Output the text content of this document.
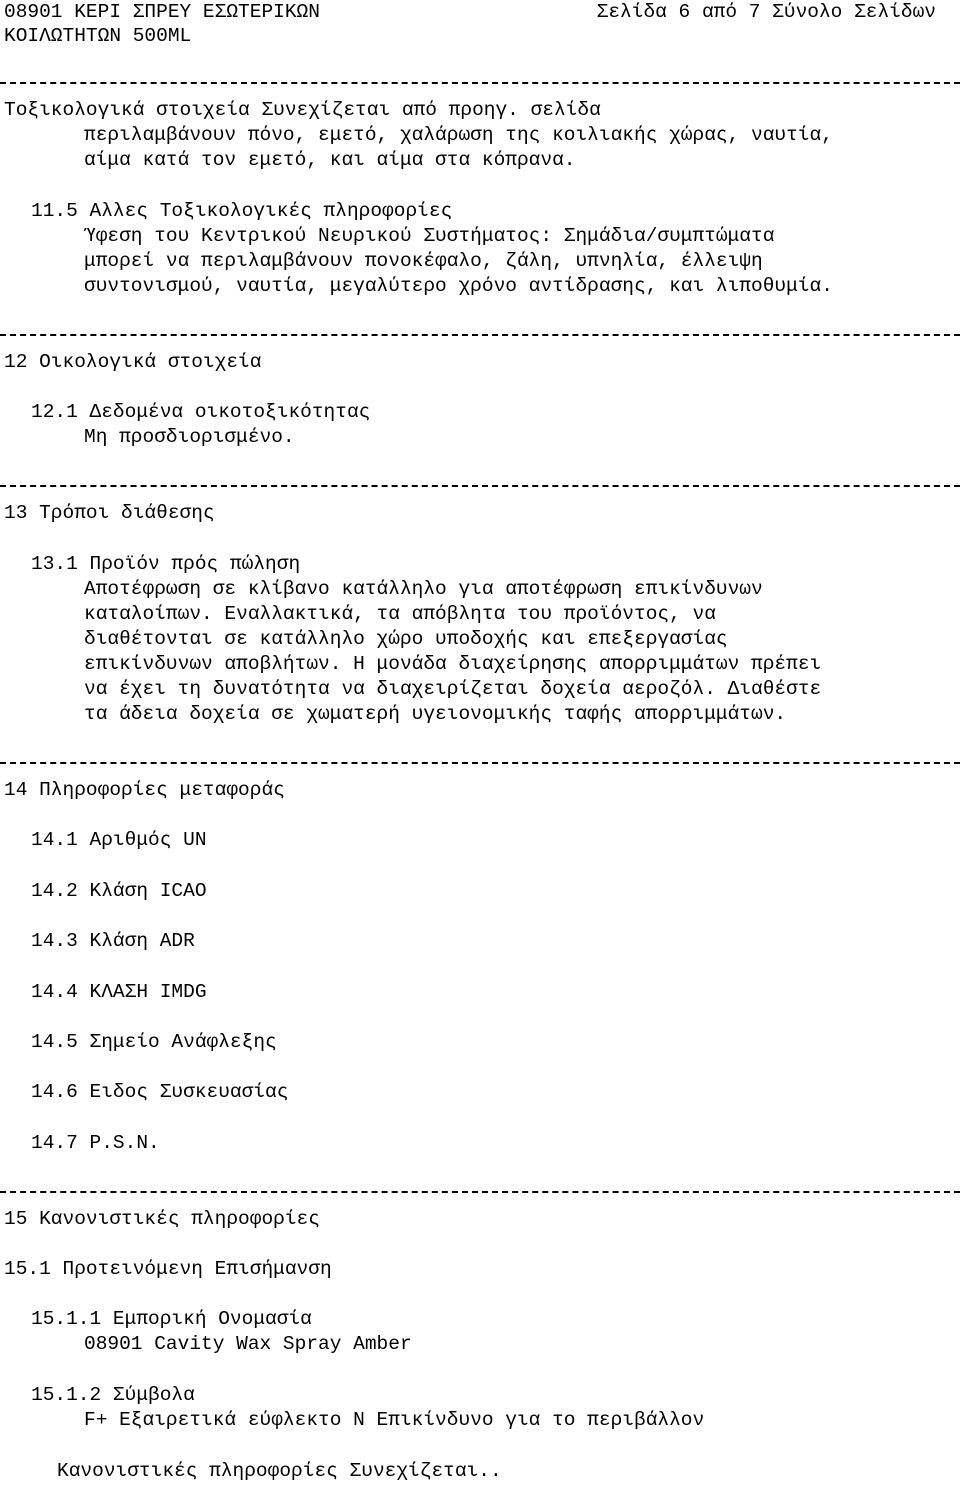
08901 ΚΕΡΙ ΣΠΡΕΥ ΕΣΩΤΕΡΙΚΩΝ	Σελίδα 6 από 7 Σύνολο Σελίδων
ΚΟΙΛΩΤΗΤΩΝ 500ML
Τοξικολογικά στοιχεία Συνεχίζεται από προηγ. σελίδα
περιλαμβάνουν πόνο, εμετό, χαλάρωση της κοιλιακής χώρας, ναυτία,
αίμα κατά τον εμετό, και αίμα στα κόπρανα.
11.5 Αλλες Τοξικολογικές πληροφορίες
Ύφεση του Κεντρικού Νευρικού Συστήματος: Σημάδια/συμπτώματα
μπορεί να περιλαμβάνουν πονοκέφαλο, ζάλη, υπνηλία, έλλειψη
συντονισμού, ναυτία, μεγαλύτερο χρόνο αντίδρασης, και λιποθυμία.
12 Οικολογικά στοιχεία
12.1 Δεδομένα οικοτοξικότητας
Μη προσδιορισμένο.
13 Τρόποι διάθεσης
13.1 Προϊόν πρός πώληση
Αποτέφρωση σε κλίβανο κατάλληλο για αποτέφρωση επικίνδυνων
καταλοίπων. Εναλλακτικά, τα απόβλητα του προϊόντος, να
διαθέτονται σε κατάλληλο χώρο υποδοχής και επεξεργασίας
επικίνδυνων αποβλήτων. Η μονάδα διαχείρησης απορριμμάτων πρέπει
να έχει τη δυνατότητα να διαχειρίζεται δοχεία αεροζόλ. Διαθέστε
τα άδεια δοχεία σε χωματερή υγειονομικής ταφής απορριμμάτων.
14 Πληροφορίες μεταφοράς
14.1 Αριθμός UN
14.2 Κλάση ICAO
14.3 Κλάση ADR
14.4 ΚΛΑΣΗ IMDG
14.5 Σημείο Ανάφλεξης
14.6 Ειδος Συσκευασίας
14.7 P.S.N.
15 Κανονιστικές πληροφορίες
15.1 Προτεινόμενη Επισήμανση
15.1.1 Εμπορική Ονομασία
08901 Cavity Wax Spray Amber
15.1.2 Σύμβολα
F+ Εξαιρετικά εύφλεκτο N Επικίνδυνο για το περιβάλλον
Κανονιστικές πληροφορίες Συνεχίζεται..
